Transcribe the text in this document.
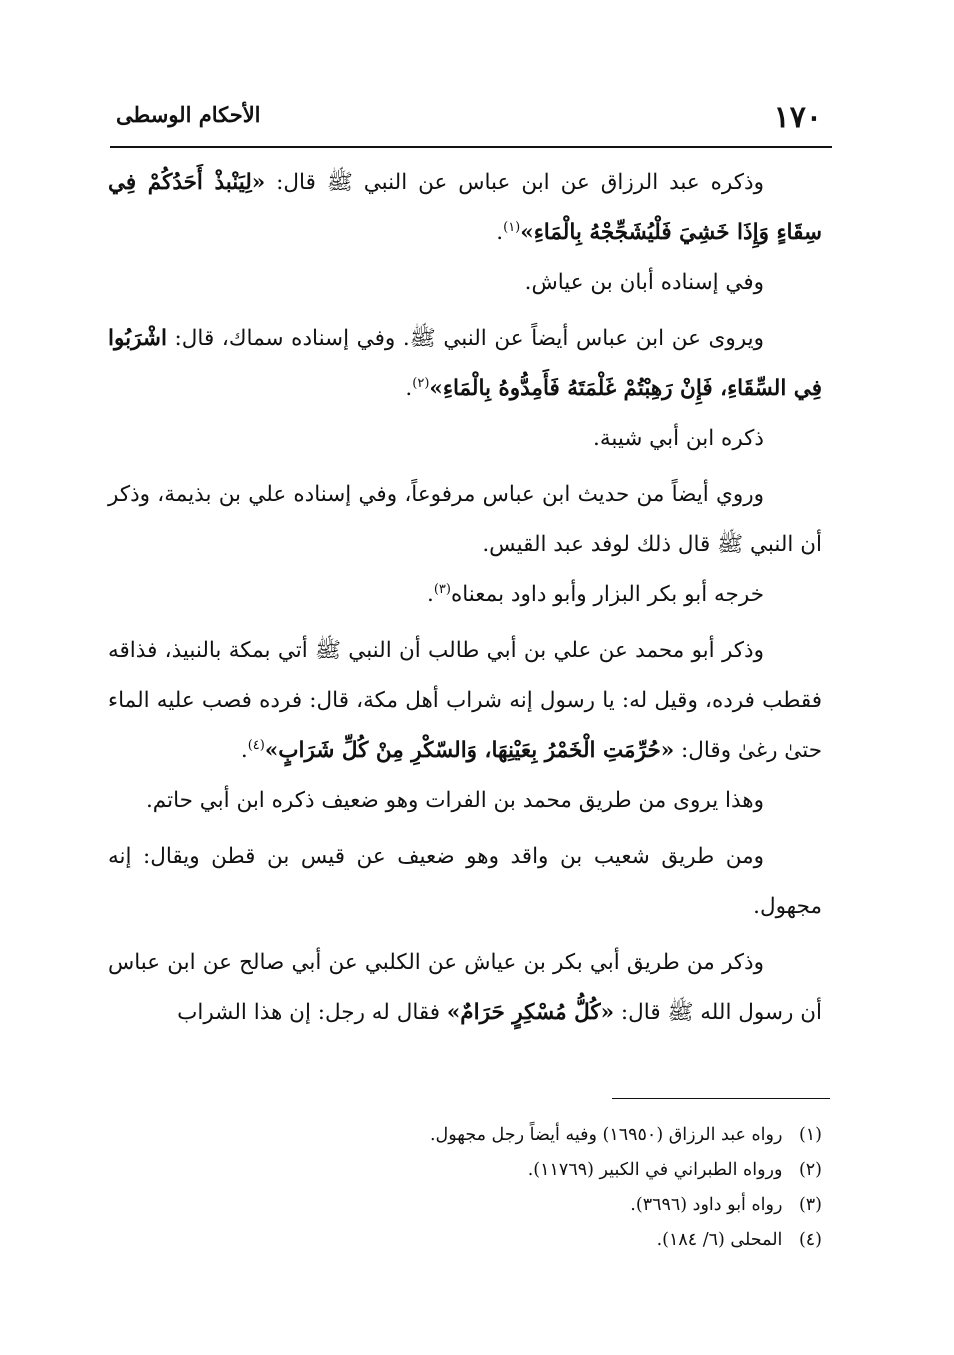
١٧٠
الأحكام الوسطى

وذكره عبد الرزاق عن ابن عباس عن النبي ﷺ قال: «لِيَنْبذْ أَحَدُكُمْ فِي سِقَاءٍ وَإِذَا خَشِيَ فَلْيُشَجِّجْهُ بِالْمَاءِ»$^{(١)}$.

وفي إسناده أبان بن عياش.

ويروى عن ابن عباس أيضاً عن النبي ﷺ. وفي إسناده سماك، قال: اشْرَبُوا فِي السِّقَاءِ، فَإِنْ رَهِبْتُمْ غَلْمَتَهُ فَأَمِدُّوهُ بِالْمَاءِ»$^{(٢)}$.

ذكره ابن أبي شيبة.

وروي أيضاً من حديث ابن عباس مرفوعاً، وفي إسناده علي بن بذيمة، وذكر أن النبي ﷺ قال ذلك لوفد عبد القيس.

خرجه أبو بكر البزار وأبو داود بمعناه$^{(٣)}$.

وذكر أبو محمد عن علي بن أبي طالب أن النبي ﷺ أتي بمكة بالنبيذ، فذاقه فقطب فرده، وقيل له: يا رسول إنه شراب أهل مكة، قال: فرده فصب عليه الماء حتىٰ رغىٰ وقال: «حُرِّمَتِ الْخَمْرُ بِعَيْنِهَا، وَالسّكْرِ مِنْ كُلِّ شَرَابٍ»$^{(٤)}$.

وهذا يروى من طريق محمد بن الفرات وهو ضعيف ذكره ابن أبي حاتم.

ومن طريق شعيب بن واقد وهو ضعيف عن قيس بن قطن ويقال: إنه مجهول.

وذكر من طريق أبي بكر بن عياش عن الكلبي عن أبي صالح عن ابن عباس أن رسول الله ﷺ قال: «كُلُّ مُسْكِرٍ حَرَامٌ» فقال له رجل: إن هذا الشراب

(١) رواه عبد الرزاق (١٦٩٥٠) وفيه أيضاً رجل مجهول.
(٢) ورواه الطبراني في الكبير (١١٧٦٩).
(٣) رواه أبو داود (٣٦٩٦).
(٤) المحلى (٦/ ١٨٤).
